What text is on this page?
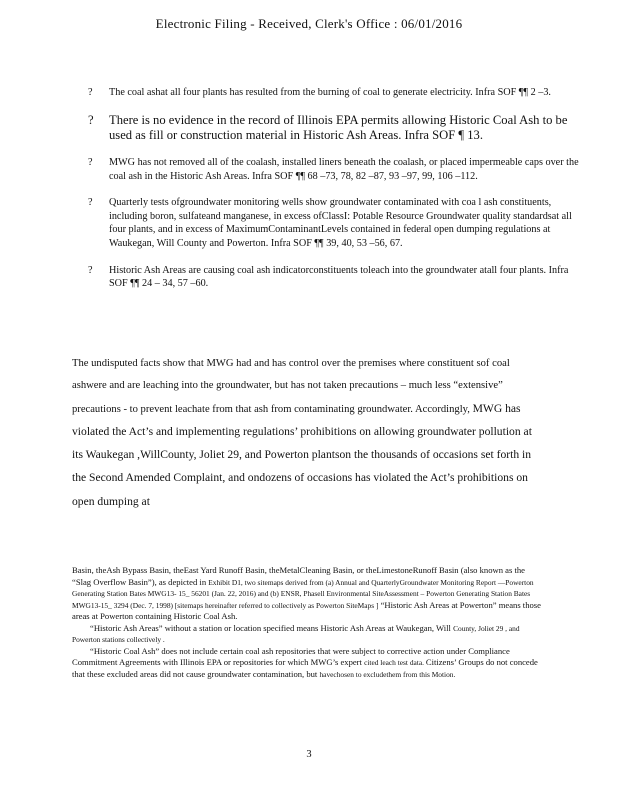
Electronic Filing - Received, Clerk's Office : 06/01/2016
? The coal ashat all four plants has resulted from the burning of coal to generate electricity. Infra SOF ¶¶ 2 –3.
? There is no evidence in the record of Illinois EPA permits allowing Historic Coal Ash to be used as fill or construction material in Historic Ash Areas. Infra SOF ¶ 13.
? MWG has not removed all of the coalash, installed liners beneath the coalash, or placed impermeable caps over the coal ash in the Historic Ash Areas. Infra SOF ¶¶ 68 –73, 78, 82 –87, 93 –97, 99, 106 –112.
? Quarterly tests ofgroundwater monitoring wells show groundwater contaminated with coa l ash constituents, including boron, sulfateand manganese, in excess ofClassI: Potable Resource Groundwater quality standardsat all four plants, and in excess of MaximumContaminantLevels contained in federal open dumping regulations at Waukegan, Will County and Powerton. Infra SOF ¶¶ 39, 40, 53 –56, 67.
? Historic Ash Areas are causing coal ash indicatorconstituents toleach into the groundwater atall four plants. Infra SOF ¶¶ 24 – 34, 57 –60.
The undisputed facts show that MWG had and has control over the premises where constituent sof coal ashwere and are leaching into the groundwater, but has not taken precautions – much less “extensive” precautions - to prevent leachate from that ash from contaminating groundwater. Accordingly, MWG has violated the Act’s and implementing regulations’ prohibitions on allowing groundwater pollution at its Waukegan ,WillCounty, Joliet 29, and Powerton plantson the thousands of occasions set forth in the Second Amended Complaint, and ondozens of occasions has violated the Act’s prohibitions on open dumping at

Basin, theAsh Bypass Basin, theEast Yard Runoff Basin, theMetalCleaning Basin, or theLimestoneRunoff Basin (also known as the “Slag Overflow Basin”), as depicted in Exhibit D1, two sitemaps derived from (a) Annual and QuarterlyGroundwater Monitoring Report —Powerton Generating Station Bates MWG13- 15_ 56201 (Jan. 22, 2016) and (b) ENSR, Phasell Environmental SiteAssessment – Powerton Generating Station Bates MWG13-15_ 3294 (Dec. 7, 1998) [sitemaps hereinafter referred to collectively as Powerton SiteMaps ] “Historic Ash Areas at Powerton” means those areas at Powerton containing Historic Coal Ash.

“Historic Ash Areas” without a station or location specified means Historic Ash Areas at Waukegan, Will County, Joliet 29 , and Powerton stations collectively .

“Historic Coal Ash” does not include certain coal ash repositories that were subject to corrective action under Compliance Commitment Agreements with Illinois EPA or repositories for which MWG’s expert cited leach test data. Citizens’ Groups do not concede that these excluded areas did not cause groundwater contamination, but havechosen to excludethem from this Motion.

3
